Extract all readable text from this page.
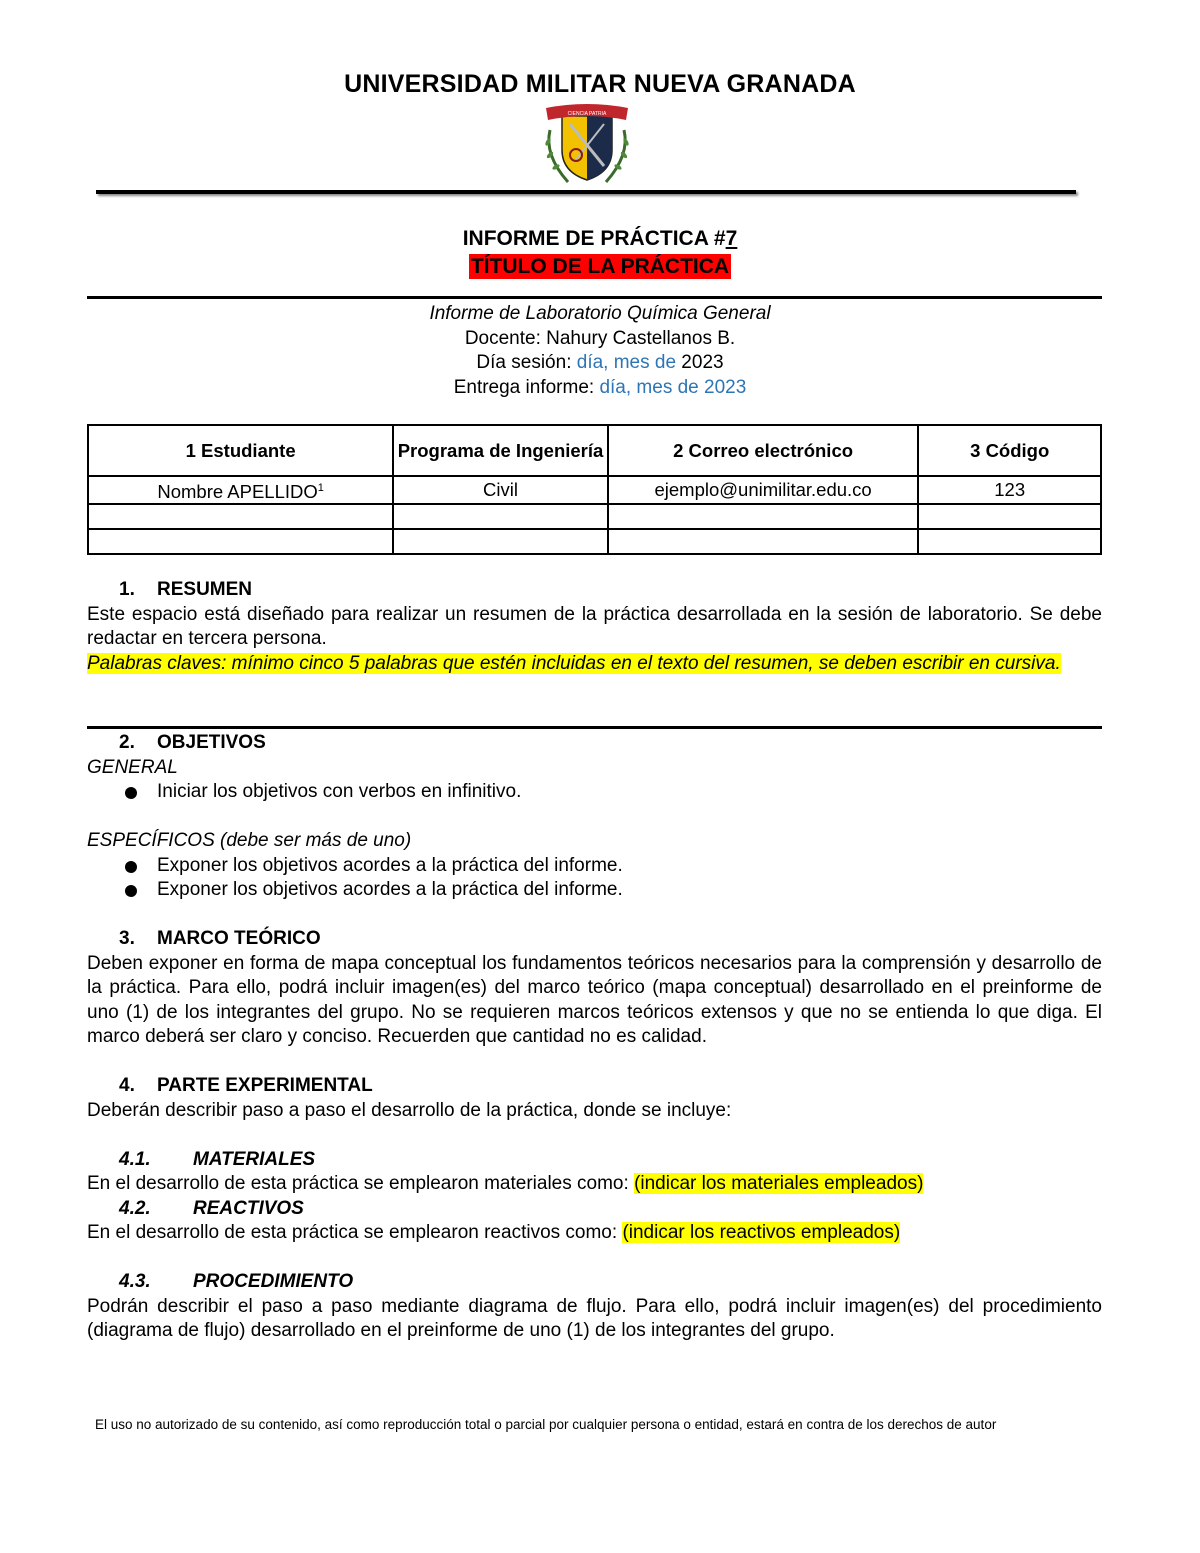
UNIVERSIDAD MILITAR NUEVA GRANADA
CIENCIA PATRIA
INFORME DE PRÁCTICA #7
TÍTULO DE LA PRÁCTICA
Informe de Laboratorio Química General
Docente: Nahury Castellanos B.
Día sesión: día, mes de 2023
Entrega informe: día, mes de 2023
1 Estudiante	Programa de Ingeniería	2 Correo electrónico	3 Código
Nombre APELLIDO$^1$	Civil	ejemplo@unimilitar.edu.co	123

1. RESUMEN
Este espacio está diseñado para realizar un resumen de la práctica desarrollada en la sesión de laboratorio. Se debe redactar en tercera persona.
Palabras claves: mínimo cinco 5 palabras que estén incluidas en el texto del resumen, se deben escribir en cursiva.
2. OBJETIVOS
GENERAL
Iniciar los objetivos con verbos en infinitivo.
ESPECÍFICOS (debe ser más de uno)
Exponer los objetivos acordes a la práctica del informe.
Exponer los objetivos acordes a la práctica del informe.
3. MARCO TEÓRICO
Deben exponer en forma de mapa conceptual los fundamentos teóricos necesarios para la comprensión y desarrollo de la práctica. Para ello, podrá incluir imagen(es) del marco teórico (mapa conceptual) desarrollado en el preinforme de uno (1) de los integrantes del grupo. No se requieren marcos teóricos extensos y que no se entienda lo que diga. El marco deberá ser claro y conciso. Recuerden que cantidad no es calidad.
4. PARTE EXPERIMENTAL
Deberán describir paso a paso el desarrollo de la práctica, donde se incluye:
4.1. MATERIALES
En el desarrollo de esta práctica se emplearon materiales como: (indicar los materiales empleados)
4.2. REACTIVOS
En el desarrollo de esta práctica se emplearon reactivos como: (indicar los reactivos empleados)
4.3. PROCEDIMIENTO
Podrán describir el paso a paso mediante diagrama de flujo. Para ello, podrá incluir imagen(es) del procedimiento (diagrama de flujo) desarrollado en el preinforme de uno (1) de los integrantes del grupo.
El uso no autorizado de su contenido, así como reproducción total o parcial por cualquier persona o entidad, estará en contra de los derechos de autor
